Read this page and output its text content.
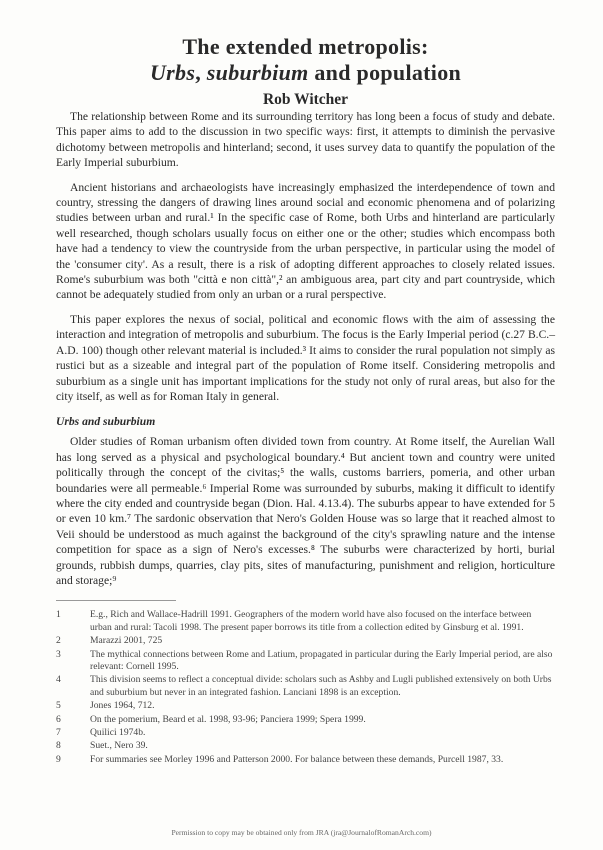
The extended metropolis:
Urbs, suburbium and population
Rob Witcher

The relationship between Rome and its surrounding territory has long been a focus of study and debate. This paper aims to add to the discussion in two specific ways: first, it attempts to diminish the pervasive dichotomy between metropolis and hinterland; second, it uses survey data to quantify the population of the Early Imperial suburbium.

Ancient historians and archaeologists have increasingly emphasized the interdependence of town and country, stressing the dangers of drawing lines around social and economic phenomena and of polarizing studies between urban and rural.¹ In the specific case of Rome, both Urbs and hinterland are particularly well researched, though scholars usually focus on either one or the other; studies which encompass both have had a tendency to view the countryside from the urban perspective, in particular using the model of the 'consumer city'. As a result, there is a risk of adopting different approaches to closely related issues. Rome's suburbium was both "città e non città",² an ambiguous area, part city and part countryside, which cannot be adequately studied from only an urban or a rural perspective.

This paper explores the nexus of social, political and economic flows with the aim of assessing the interaction and integration of metropolis and suburbium. The focus is the Early Imperial period (c.27 B.C.–A.D. 100) though other relevant material is included.³ It aims to consider the rural population not simply as rustici but as a sizeable and integral part of the population of Rome itself. Considering metropolis and suburbium as a single unit has important implications for the study not only of rural areas, but also for the city itself, as well as for Roman Italy in general.

Urbs and suburbium

Older studies of Roman urbanism often divided town from country. At Rome itself, the Aurelian Wall has long served as a physical and psychological boundary.⁴ But ancient town and country were united politically through the concept of the civitas;⁵ the walls, customs barriers, pomeria, and other urban boundaries were all permeable.⁶ Imperial Rome was surrounded by suburbs, making it difficult to identify where the city ended and countryside began (Dion. Hal. 4.13.4). The suburbs appear to have extended for 5 or even 10 km.⁷ The sardonic observation that Nero's Golden House was so large that it reached almost to Veii should be understood as much against the background of the city's sprawling nature and the intense competition for space as a sign of Nero's excesses.⁸ The suburbs were characterized by horti, burial grounds, rubbish dumps, quarries, clay pits, sites of manufacturing, punishment and religion, horticulture and storage;⁹

1	E.g., Rich and Wallace-Hadrill 1991. Geographers of the modern world have also focused on the interface between urban and rural: Tacoli 1998. The present paper borrows its title from a collection edited by Ginsburg et al. 1991.
2	Marazzi 2001, 725
3	The mythical connections between Rome and Latium, propagated in particular during the Early Imperial period, are also relevant: Cornell 1995.
4	This division seems to reflect a conceptual divide: scholars such as Ashby and Lugli published extensively on both Urbs and suburbium but never in an integrated fashion. Lanciani 1898 is an exception.
5	Jones 1964, 712.
6	On the pomerium, Beard et al. 1998, 93-96; Panciera 1999; Spera 1999.
7	Quilici 1974b.
8	Suet., Nero 39.
9	For summaries see Morley 1996 and Patterson 2000. For balance between these demands, Purcell 1987, 33.
Permission to copy may be obtained only from JRA (jra@JournalofRomanArch.com)
